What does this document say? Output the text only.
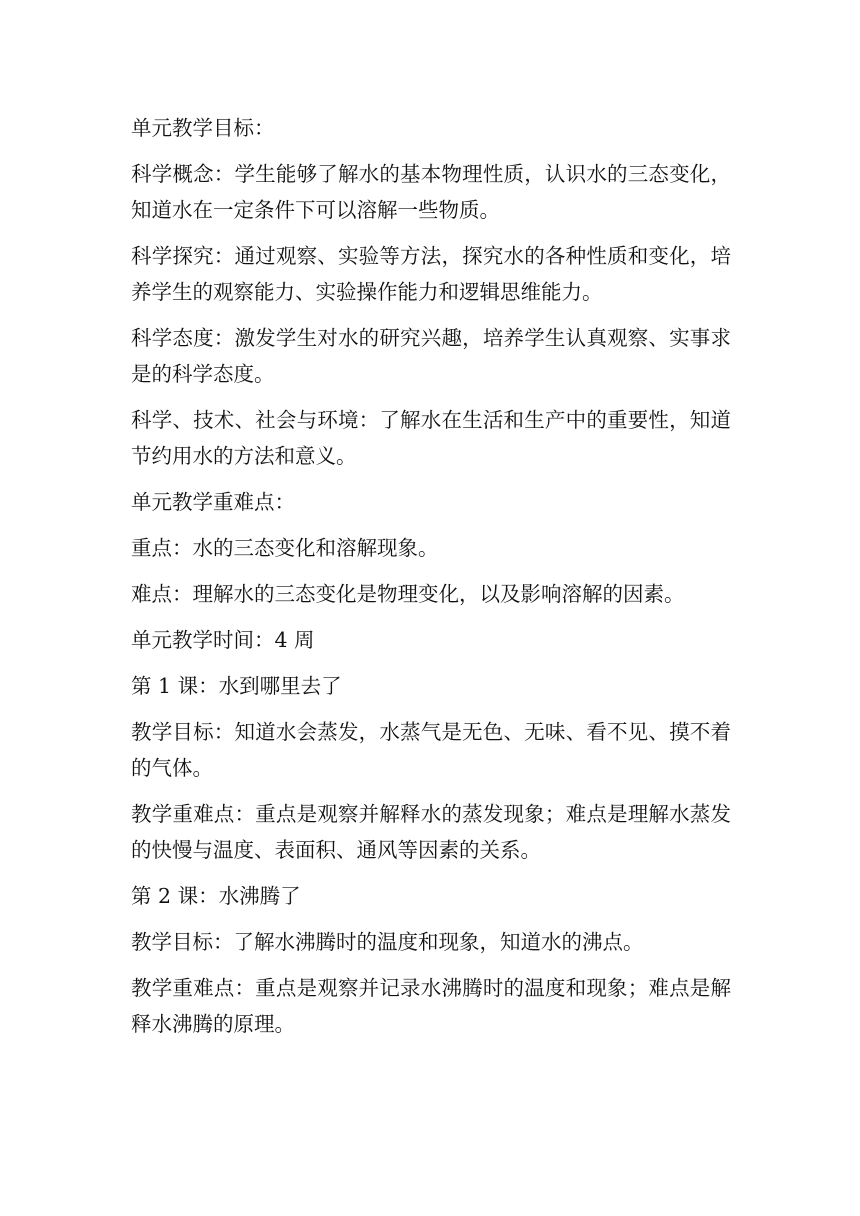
单元教学目标：

科学概念：学生能够了解水的基本物理性质，认识水的三态变化，知道水在一定条件下可以溶解一些物质。

科学探究：通过观察、实验等方法，探究水的各种性质和变化，培养学生的观察能力、实验操作能力和逻辑思维能力。

科学态度：激发学生对水的研究兴趣，培养学生认真观察、实事求是的科学态度。

科学、技术、社会与环境：了解水在生活和生产中的重要性，知道节约用水的方法和意义。

单元教学重难点：

重点：水的三态变化和溶解现象。

难点：理解水的三态变化是物理变化，以及影响溶解的因素。

单元教学时间：4 周

第 1 课：水到哪里去了

教学目标：知道水会蒸发，水蒸气是无色、无味、看不见、摸不着的气体。

教学重难点：重点是观察并解释水的蒸发现象；难点是理解水蒸发的快慢与温度、表面积、通风等因素的关系。

第 2 课：水沸腾了

教学目标：了解水沸腾时的温度和现象，知道水的沸点。

教学重难点：重点是观察并记录水沸腾时的温度和现象；难点是解释水沸腾的原理。
